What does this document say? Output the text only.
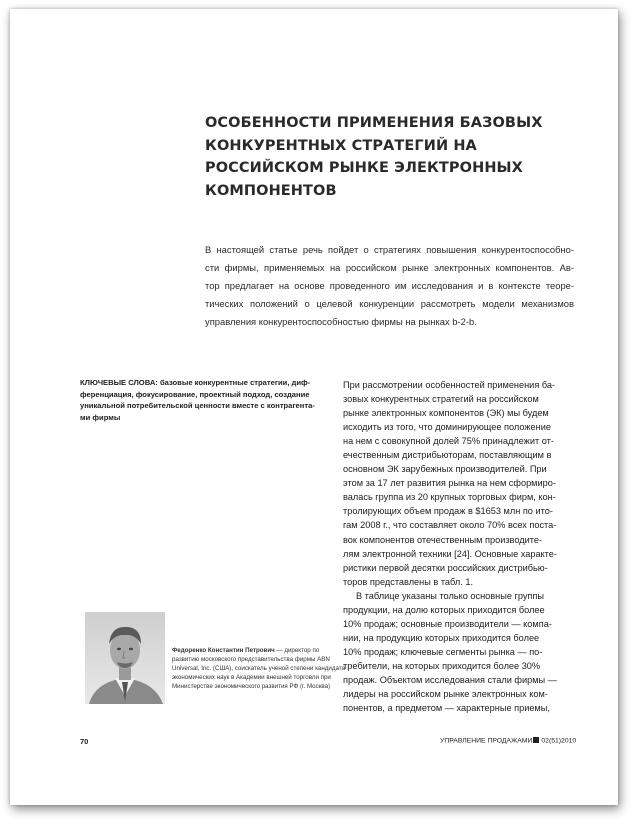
ОСОБЕННОСТИ ПРИМЕНЕНИЯ БАЗОВЫХ КОНКУРЕНТНЫХ СТРАТЕГИЙ НА РОССИЙСКОМ РЫНКЕ ЭЛЕКТРОННЫХ КОМПОНЕНТОВ
В настоящей статье речь пойдет о стратегиях повышения конкурентоспособно-
сти фирмы, применяемых на российском рынке электронных компонентов. Ав-
тор предлагает на основе проведенного им исследования и в контексте теоре-
тических положений о целевой конкуренции рассмотреть модели механизмов
управления конкурентоспособностью фирмы на рынках b-2-b.
КЛЮЧЕВЫЕ СЛОВА: базовые конкурентные стратегии, диф-
ференциация, фокусирование, проектный подход, создание
уникальной потребительской ценности вместе с контрагента-
ми фирмы
При рассмотрении особенностей применения ба-
зовых конкурентных стратегий на российском
рынке электронных компонентов (ЭК) мы будем
исходить из того, что доминирующее положение
на нем с совокупной долей 75% принадлежит от-
ечественным дистрибьюторам, поставляющим в
основном ЭК зарубежных производителей. При
этом за 17 лет развития рынка на нем сформиро-
валась группа из 20 крупных торговых фирм, кон-
тролирующих объем продаж в $1653 млн по ито-
гам 2008 г., что составляет около 70% всех поста-
вок компонентов отечественным производите-
лям электронной техники [24]. Основные характе-
ристики первой десятки российских дистрибью-
торов представлены в табл. 1.
В таблице указаны только основные группы
продукции, на долю которых приходится более
10% продаж; основные производители — компа-
нии, на продукцию которых приходится более
10% продаж; ключевые сегменты рынка — по-
требители, на которых приходится более 30%
продаж. Объектом исследования стали фирмы —
лидеры на российском рынке электронных ком-
понентов, а предметом — характерные приемы,
Федоренко Константин Петрович — директор по
развитию московского представительства фирмы ABN
Universal, Inc. (США), соискатель ученой степени кандидата
экономических наук в Академии внешней торговли при
Министерстве экономического развития РФ (г. Москва)
70	УПРАВЛЕНИЕ ПРОДАЖАМИ 02(51)2010
